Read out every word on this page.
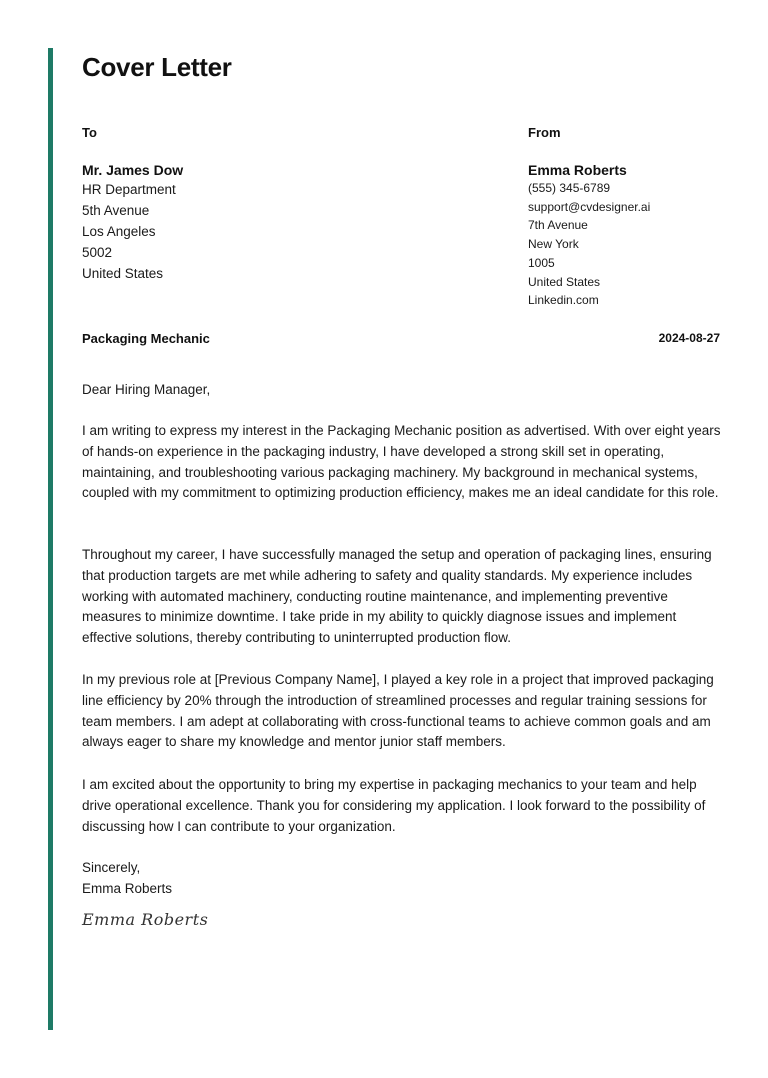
Cover Letter
To
Mr. James Dow
HR Department
5th Avenue
Los Angeles
5002
United States
From
Emma Roberts
(555) 345-6789
support@cvdesigner.ai
7th Avenue
New York
1005
United States
Linkedin.com
Packaging Mechanic	2024-08-27
Dear Hiring Manager,

I am writing to express my interest in the Packaging Mechanic position as advertised. With over eight years of hands-on experience in the packaging industry, I have developed a strong skill set in operating, maintaining, and troubleshooting various packaging machinery. My background in mechanical systems, coupled with my commitment to optimizing production efficiency, makes me an ideal candidate for this role.

Throughout my career, I have successfully managed the setup and operation of packaging lines, ensuring that production targets are met while adhering to safety and quality standards. My experience includes working with automated machinery, conducting routine maintenance, and implementing preventive measures to minimize downtime. I take pride in my ability to quickly diagnose issues and implement effective solutions, thereby contributing to uninterrupted production flow.

In my previous role at [Previous Company Name], I played a key role in a project that improved packaging line efficiency by 20% through the introduction of streamlined processes and regular training sessions for team members. I am adept at collaborating with cross-functional teams to achieve common goals and am always eager to share my knowledge and mentor junior staff members.

I am excited about the opportunity to bring my expertise in packaging mechanics to your team and help drive operational excellence. Thank you for considering my application. I look forward to the possibility of discussing how I can contribute to your organization.

Sincerely,
Emma Roberts
Emma Roberts
